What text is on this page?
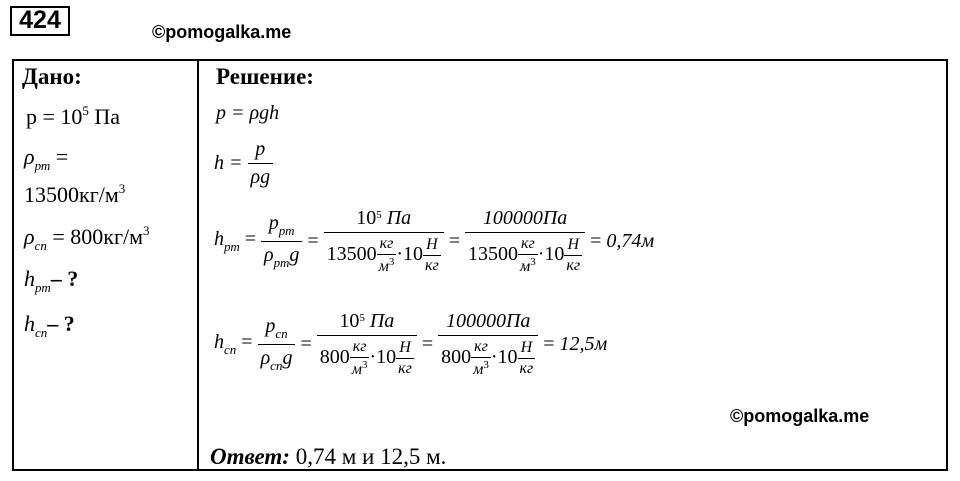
424	©pomogalka.me
Дано:
$p = 10^5$ Па
$\rho_{рт}$ =
$13500кг/м^3$
$\rho_{сп} = 800кг/м^3$
$h_{рт}-$ ?
$h_{сп}-$ ?
Решение:
p = ρgh
$h = \frac{p}{\rho g}$
$h_{рт} = \frac{p_{рт}}{\rho_{рт}g} = \frac{10^5 Па}{13500 \frac{кг}{м^3} \cdot 10 \frac{Н}{кг}} = \frac{100000Па}{13500 \frac{кг}{м^3} \cdot 10 \frac{Н}{кг}} = 0,74м$
$h_{сп} = \frac{p_{сп}}{\rho_{сп}g} = \frac{10^5 Па}{800 \frac{кг}{м^3} \cdot 10 \frac{Н}{кг}} = \frac{100000Па}{800 \frac{кг}{м^3} \cdot 10 \frac{Н}{кг}} = 12,5м$
©pomogalka.me
Ответ: 0,74 м и 12,5 м.
